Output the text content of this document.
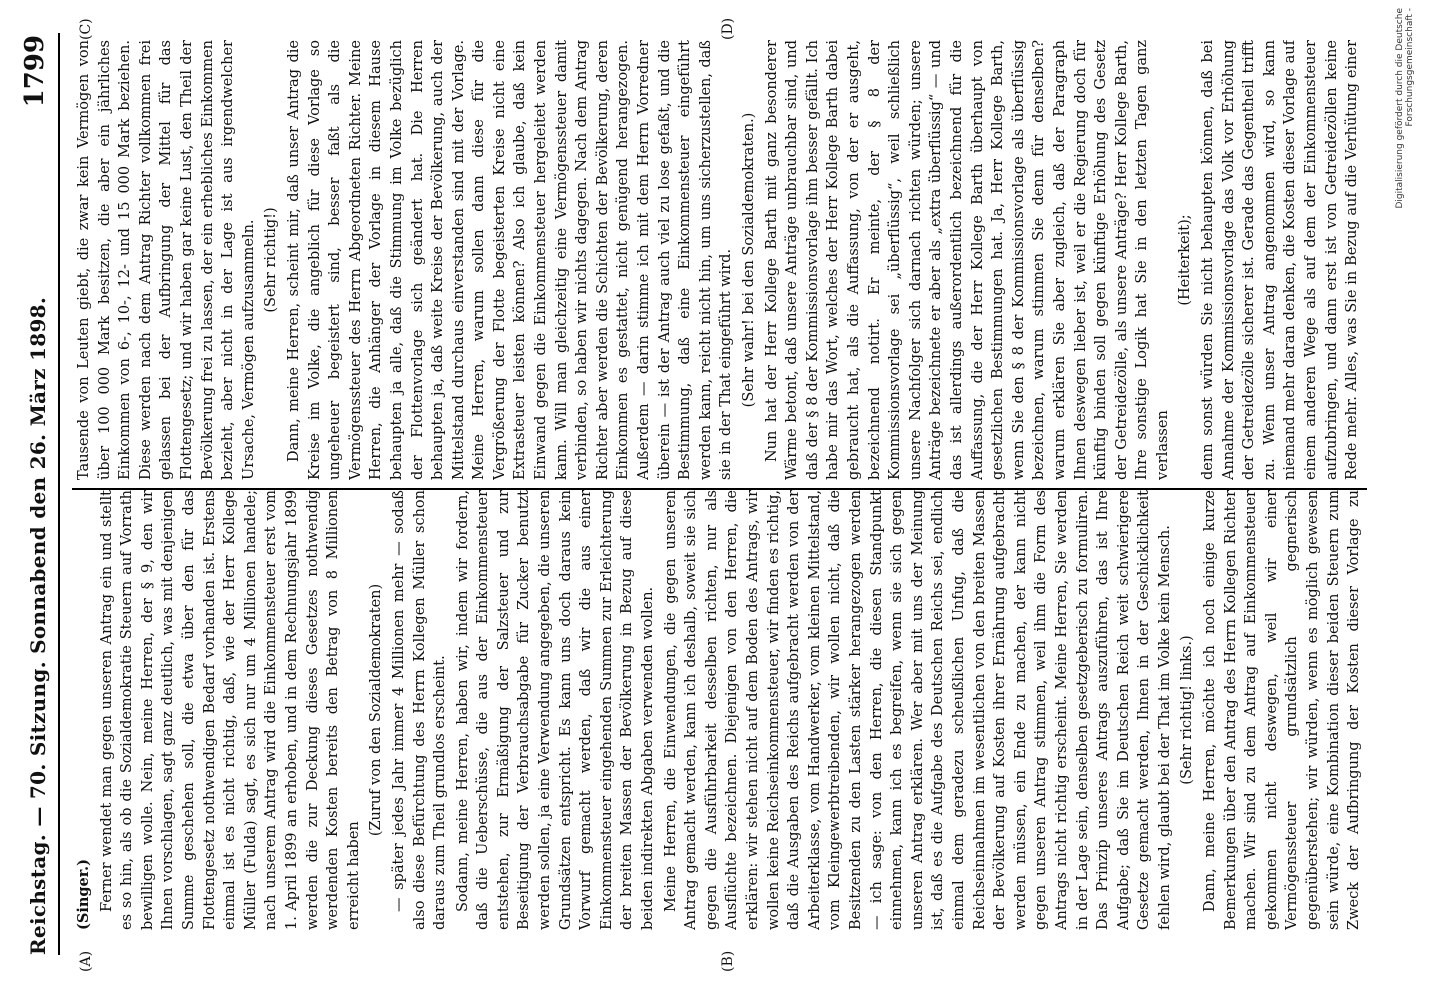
Reichstag. — 70. Sitzung. Sonnabend den 26. März 1898.
1799
(A)	(B)
(C)	(D)

(Singer.) Ferner wendet man gegen unseren Antrag ein und stellt es so hin, als ob die Sozialdemokratie Steuern auf Vorrath bewilligen wolle. Nein, meine Herren, der § 9, den wir Ihnen vorschlagen, sagt ganz deutlich, was mit denjenigen Summe geschehen soll, die etwa über den für das Flottengesetz nothwendigen Bedarf vorhanden ist. Erstens einmal ist es nicht richtig, daß, wie der Herr Kollege Müller (Fulda) sagt, es sich nur um 4 Millionen handele; nach unserem Antrag wird die Einkommensteuer erst vom 1. April 1899 an erhoben, und in dem Rechnungsjahr 1899 werden die zur Deckung dieses Gesetzes nothwendig werdenden Kosten bereits den Betrag von 8 Millionen erreicht haben

(Zuruf von den Sozialdemokraten) — später jedes Jahr immer 4 Millionen mehr — sodaß also diese Befürchtung des Herrn Kollegen Müller schon daraus zum Theil grundlos erscheint. Sodann, meine Herren, haben wir, indem wir fordern, daß die Ueberschüsse, die aus der Einkommensteuer entstehen, zur Ermäßigung der Salzsteuer und zur Beseitigung der Verbrauchsabgabe für Zucker benutzt werden sollen, ja eine Verwendung angegeben, die unseren Grundsätzen entspricht. Es kann uns doch daraus kein Vorwurf gemacht werden, daß wir die aus einer Einkommensteuer eingehenden Summen zur Erleichterung der breiten Massen der Bevölkerung in Bezug auf diese beiden indirekten Abgaben verwenden wollen. Meine Herren, die Einwendungen, die gegen unseren Antrag gemacht werden, kann ich deshalb, soweit sie sich gegen die Ausführbarkeit desselben richten, nur als Ausflüchte bezeichnen. Diejenigen von den Herren, die erklären: wir stehen nicht auf dem Boden des Antrags, wir wollen keine Reichseinkommensteuer, wir finden es richtig, daß die Ausgaben des Reichs aufgebracht werden von der Arbeiterklasse, vom Handwerker, vom kleinen Mittelstand, vom Kleingewerbtreibenden, wir wollen nicht, daß die Besitzenden zu den Lasten stärker herangezogen werden — ich sage: von den Herren, die diesen Standpunkt einnehmen, kann ich es begreifen, wenn sie sich gegen unseren Antrag erklären. Wer aber mit uns der Meinung ist, daß es die Aufgabe des Deutschen Reichs sei, endlich einmal dem geradezu scheußlichen Unfug, daß die Reichseinnahmen im wesentlichen von den breiten Massen der Bevölkerung auf Kosten ihrer Ernährung aufgebracht werden müssen, ein Ende zu machen, der kann nicht gegen unseren Antrag stimmen, weil ihm die Form des Antrags nicht richtig erscheint. Meine Herren, Sie werden in der Lage sein, denselben gesetzgeberisch zu formuliren. Das Prinzip unseres Antrags auszuführen, das ist Ihre Aufgabe; daß Sie im Deutschen Reich weit schwierigere Gesetze gemacht werden, Ihnen in der Geschicklichkeit fehlen wird, glaubt bei der That im Volke kein Mensch. (Sehr richtig! links.)

Dann, meine Herren, möchte ich noch einige kurze Bemerkungen über den Antrag des Herrn Kollegen Richter machen. Wir sind zu dem Antrag auf Einkommensteuer gekommen nicht deswegen, weil wir einer Vermögenssteuer grundsätzlich gegnerisch gegenüberstehen; wir würden, wenn es möglich gewesen sein würde, eine Kombination dieser beiden Steuern zum Zweck der Aufbringung der Kosten dieser Vorlage zu

Tausende von Leuten giebt, die zwar kein Vermögen von über 100 000 Mark besitzen, die aber ein jährliches Einkommen von 6-, 10-, 12- und 15 000 Mark beziehen. Diese werden nach dem Antrag Richter vollkommen frei gelassen bei der Aufbringung der Mittel für das Flottengesetz; und wir haben gar keine Lust, den Theil der Bevölkerung frei zu lassen, der ein erhebliches Einkommen bezieht, aber nicht in der Lage ist aus irgendwelcher Ursache, Vermögen aufzusammeln. (Sehr richtig!) Dann, meine Herren, scheint mir, daß unser Antrag die Kreise im Volke, die angeblich für diese Vorlage so ungeheuer begeistert sind, besser faßt als die Vermögenssteuer des Herrn Abgeordneten Richter. Meine Herren, die Anhänger der Vorlage in diesem Hause behaupten ja alle, daß die Stimmung im Volke bezüglich der Flottenvorlage sich geändert hat. Die Herren behaupten ja, daß weite Kreise der Bevölkerung, auch der Mittelstand durchaus einverstanden sind mit der Vorlage. Meine Herren, warum sollen dann diese für die Vergrößerung der Flotte begeisterten Kreise nicht eine Extrasteuer leisten können? Also ich glaube, daß kein Einwand gegen die Einkommensteuer hergeleitet werden kann. Will man gleichzeitig eine Vermögenssteuer damit verbinden, so haben wir nichts dagegen. Nach dem Antrag Richter aber werden die Schichten der Bevölkerung, deren Einkommen es gestattet, nicht genügend herangezogen. Außerdem — darin stimme ich mit dem Herrn Vorredner überein — ist der Antrag auch viel zu lose gefaßt, und die Bestimmung, daß eine Einkommensteuer eingeführt werden kann, reicht nicht hin, um uns sicherzustellen, daß sie in der That eingeführt wird. (Sehr wahr! bei den Sozialdemokraten.) Nun hat der Herr Kollege Barth mit ganz besonderer Wärme betont, daß unsere Anträge unbrauchbar sind, und daß der § 8 der Kommissionsvorlage ihm besser gefällt. Ich habe mir das Wort, welches der Herr Kollege Barth dabei gebraucht hat, als die Auffassung, von der er ausgeht, bezeichnend notirt. Er meinte, der § 8 der Kommissionsvorlage sei „überflüssig“, weil schließlich unsere Nachfolger sich darnach richten würden; unsere Anträge bezeichnete er aber als „extra überflüssig“ — und das ist allerdings außerordentlich bezeichnend für die Auffassung, die der Herr Kollege Barth überhaupt von gesetzlichen Bestimmungen hat. Ja, Herr Kollege Barth, wenn Sie den § 8 der Kommissionsvorlage als überflüssig bezeichnen, warum stimmen Sie denn für denselben? warum erklären Sie aber zugleich, daß der Paragraph Ihnen deswegen lieber ist, weil er die Regierung doch für künftig binden soll gegen künftige Erhöhung des Gesetz der Getreidezölle, als unsere Anträge? Herr Kollege Barth, Ihre sonstige Logik hat Sie in den letzten Tagen ganz verlassen

(Heiterkeit);

denn sonst würden Sie nicht behaupten können, daß bei Annahme der Kommissionsvorlage das Volk vor Erhöhung der Getreidezölle sicherer ist. Gerade das Gegentheil trifft zu. Wenn unser Antrag angenommen wird, so kann niemand mehr daran denken, die Kosten dieser Vorlage auf einem anderen Wege als auf dem der Einkommensteuer aufzubringen, und dann erst ist von Getreidezöllen keine Rede mehr. Alles, was Sie in Bezug auf die Verhütung einer	Digitalisierung gefördert durch die Deutsche Forschungsgemeinschaft -
